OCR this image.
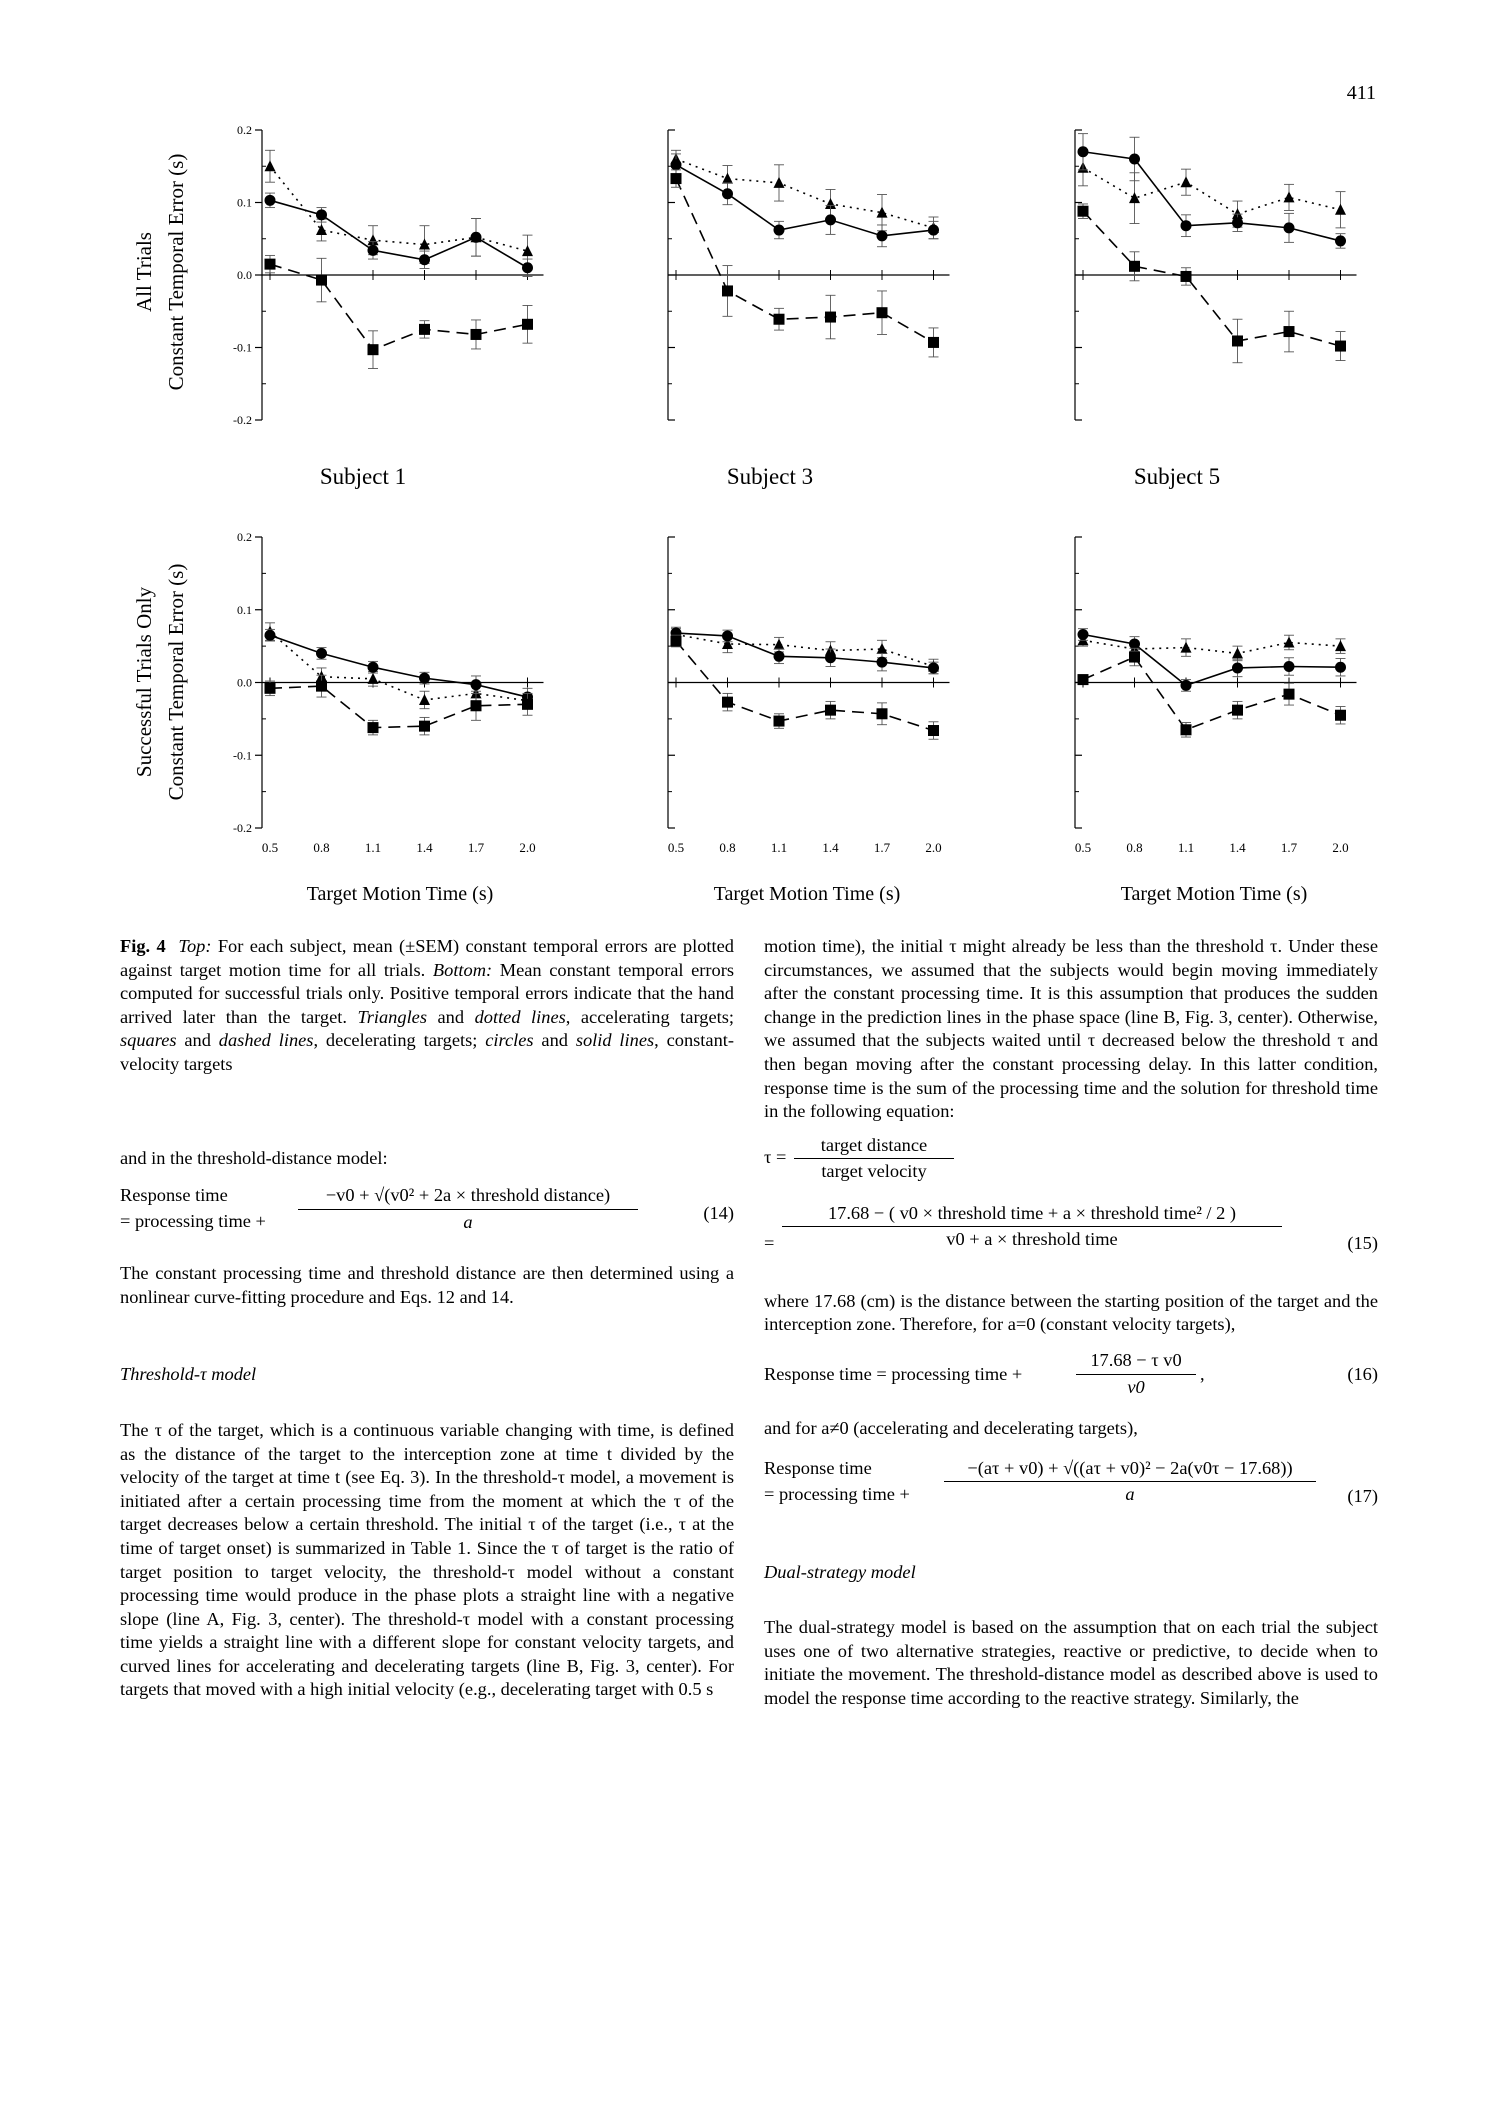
411
0.2
0.1
0.0
-0.1
-0.2
0.2
0.1
0.0
-0.1
-0.2
0.5	0.8	1.1	1.4	1.7	2.0	0.5	0.8	1.1	1.4	1.7	2.0	0.5	0.8	1.1	1.4	1.7	2.0
All Trials Constant Temporal Error (s)
Successful Trials Only Constant Temporal Error (s)
Subject 1	Subject 3	Subject 5
Target Motion Time (s)	Target Motion Time (s)	Target Motion Time (s)

Fig. 4 Top: For each subject, mean (±SEM) constant temporal errors are plotted against target motion time for all trials. Bottom: Mean constant temporal errors computed for successful trials only. Positive temporal errors indicate that the hand arrived later than the target. Triangles and dotted lines, accelerating targets; squares and dashed lines, decelerating targets; circles and solid lines, constant-velocity targets

and in the threshold-distance model:

Response time
= processing time +
−v0 + √(v0² + 2a × threshold distance)
a	(14)

The constant processing time and threshold distance are then determined using a nonlinear curve-fitting procedure and Eqs. 12 and 14.

Threshold-τ model

The τ of the target, which is a continuous variable changing with time, is defined as the distance of the target to the interception zone at time t divided by the velocity of the target at time t (see Eq. 3). In the threshold-τ model, a movement is initiated after a certain processing time from the moment at which the τ of the target decreases below a certain threshold. The initial τ of the target (i.e., τ at the time of target onset) is summarized in Table 1. Since the τ of target is the ratio of target position to target velocity, the threshold-τ model without a constant processing time would produce in the phase plots a straight line with a negative slope (line A, Fig. 3, center). The threshold-τ model with a constant processing time yields a straight line with a different slope for constant velocity targets, and curved lines for accelerating and decelerating targets (line B, Fig. 3, center). For targets that moved with a high initial velocity (e.g., decelerating target with 0.5 s

motion time), the initial τ might already be less than the threshold τ. Under these circumstances, we assumed that the subjects would begin moving immediately after the constant processing time. It is this assumption that produces the sudden change in the prediction lines in the phase space (line B, Fig. 3, center). Otherwise, we assumed that the subjects waited until τ decreased below the threshold τ and then began moving after the constant processing delay. In this latter condition, response time is the sum of the processing time and the solution for threshold time in the following equation:

τ =
target distance
target velocity
=
17.68 − ( v0 × threshold time + a × threshold time² / 2 )
v0 + a × threshold time	(15)

where 17.68 (cm) is the distance between the starting position of the target and the interception zone. Therefore, for a=0 (constant velocity targets),

Response time = processing time +	$\frac{\text{17.68 − τ v0}}{v0}$ ,	(16)

and for a≠0 (accelerating and decelerating targets),

Response time
= processing time + $\frac{\text{−(aτ + v0) + √((aτ + v0)² − 2a(v0τ − 17.68))}}{a} (17)$

Dual-strategy model

The dual-strategy model is based on the assumption that on each trial the subject uses one of two alternative strategies, reactive or predictive, to decide when to initiate the movement. The threshold-distance model as described above is used to model the response time according to the reactive strategy. Similarly, the
